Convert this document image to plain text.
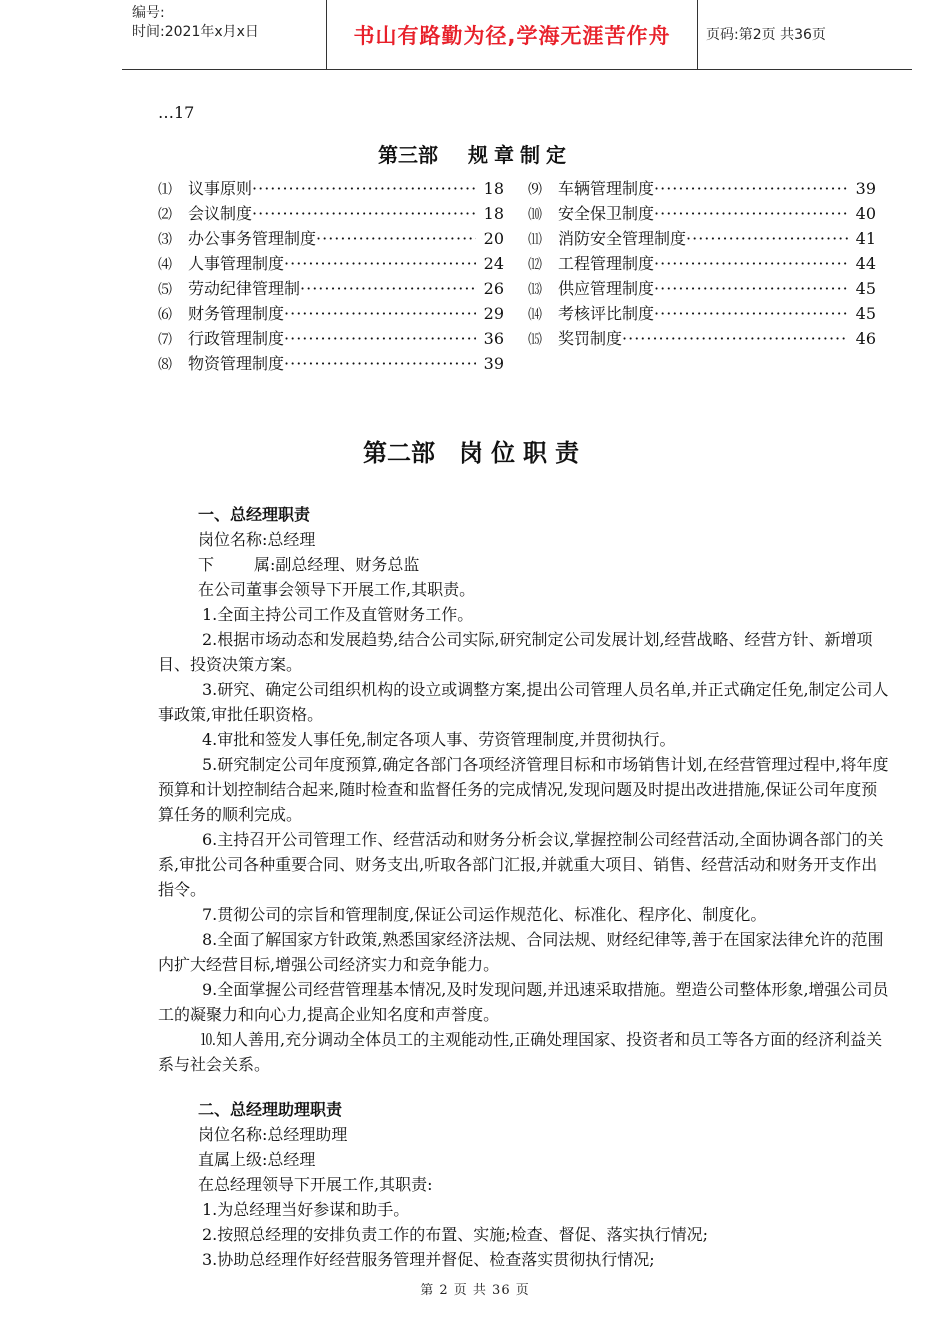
编号:
时间:2021年x月x日	书山有路勤为径,学海无涯苦作舟	页码:第2页 共36页
…17
第三部 规章制定
⑴	议事原则 ·····	18
⑵	会议制度 ·····	18
⑶	办公事务管理制度 ·····	20
⑷	人事管理制度 ·····	24
⑸	劳动纪律管理制 ·····	26
⑹	财务管理制度 ·····	29
⑺	行政管理制度 ·····	36
⑻	物资管理制度 ·····	39
⑼	车辆管理制度 ·····	39
⑽	安全保卫制度 ·····	40
⑾	消防安全管理制度 ·····	41
⑿	工程管理制度 ·····	44
⒀	供应管理制度 ·····	45
⒁	考核评比制度 ·····	45
⒂	奖罚制度 ·····	46
第二部 岗位职责
一、总经理职责
岗位名称:总经理
下	属:副总经理、财务总监
在公司董事会领导下开展工作,其职责。
1.全面主持公司工作及直管财务工作。
2.根据市场动态和发展趋势,结合公司实际,研究制定公司发展计划,经营战略、经营方针、新增项目、投资决策方案。
3.研究、确定公司组织机构的设立或调整方案,提出公司管理人员名单,并正式确定任免,制定公司人事政策,审批任职资格。
4.审批和签发人事任免,制定各项人事、劳资管理制度,并贯彻执行。
5.研究制定公司年度预算,确定各部门各项经济管理目标和市场销售计划,在经营管理过程中,将年度预算和计划控制结合起来,随时检查和监督任务的完成情况,发现问题及时提出改进措施,保证公司年度预算任务的顺利完成。
6.主持召开公司管理工作、经营活动和财务分析会议,掌握控制公司经营活动,全面协调各部门的关系,审批公司各种重要合同、财务支出,听取各部门汇报,并就重大项目、销售、经营活动和财务开支作出指令。
7.贯彻公司的宗旨和管理制度,保证公司运作规范化、标准化、程序化、制度化。
8.全面了解国家方针政策,熟悉国家经济法规、合同法规、财经纪律等,善于在国家法律允许的范围内扩大经营目标,增强公司经济实力和竞争能力。
9.全面掌握公司经营管理基本情况,及时发现问题,并迅速采取措施。塑造公司整体形象,增强公司员工的凝聚力和向心力,提高企业知名度和声誉度。
⒑知人善用,充分调动全体员工的主观能动性,正确处理国家、投资者和员工等各方面的经济利益关系与社会关系。
二、总经理助理职责
岗位名称:总经理助理
直属上级:总经理
在总经理领导下开展工作,其职责:
1.为总经理当好参谋和助手。
2.按照总经理的安排负责工作的布置、实施;检查、督促、落实执行情况;
3.协助总经理作好经营服务管理并督促、检查落实贯彻执行情况;
第 2 页 共 36 页
